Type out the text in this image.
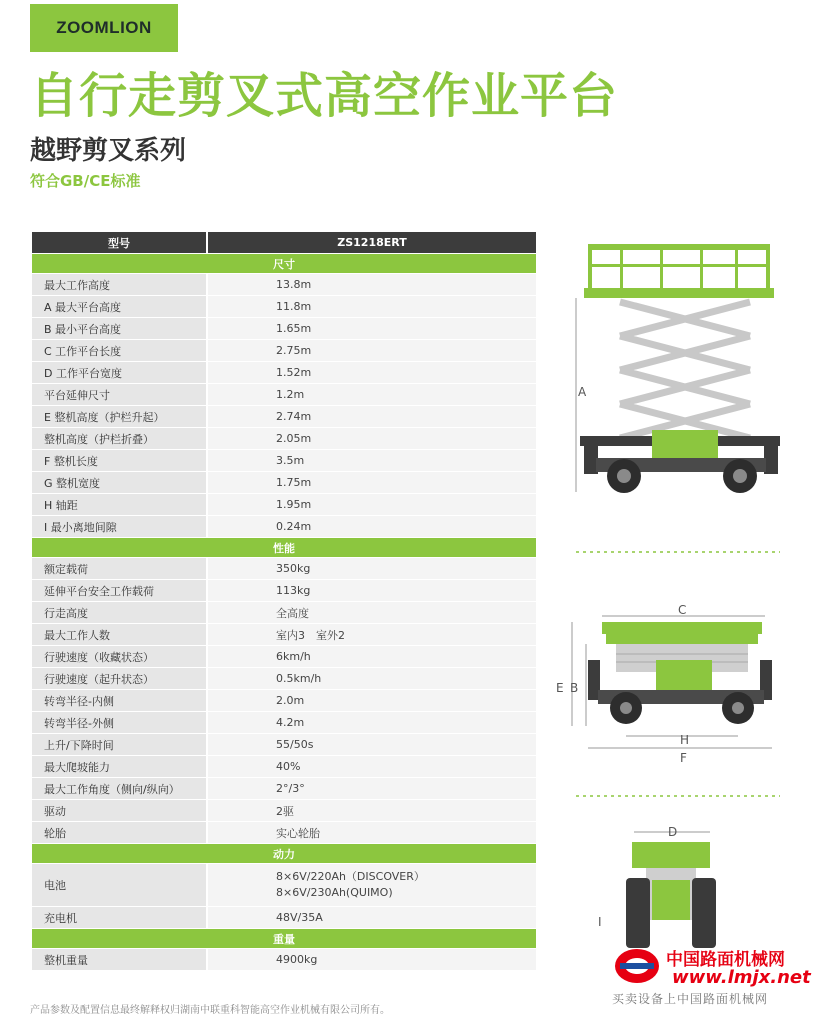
ZOOMLION
自行走剪叉式高空作业平台
越野剪叉系列
符合GB/CE标准
型号	ZS1218ERT
尺寸	
最大工作高度	13.8m
A 最大平台高度	11.8m
B 最小平台高度	1.65m
C 工作平台长度	2.75m
D 工作平台宽度	1.52m
平台延伸尺寸	1.2m
E 整机高度（护栏升起）	2.74m
整机高度（护栏折叠）	2.05m
F 整机长度	3.5m
G 整机宽度	1.75m
H 轴距	1.95m
I 最小离地间隙	0.24m
性能	
额定载荷	350kg
延伸平台安全工作载荷	113kg
行走高度	全高度
最大工作人数	室内3　室外2
行驶速度（收藏状态）	6km/h
行驶速度（起升状态）	0.5km/h
转弯半径-内侧	2.0m
转弯半径-外侧	4.2m
上升/下降时间	55/50s
最大爬坡能力	40%
最大工作角度（侧向/纵向）	2°/3°
驱动	2驱
轮胎	实心轮胎
动力	
电池	8×6V/220Ah（DISCOVER）
8×6V/230Ah(QUIMO)

充电机	48V/35A
重量	
整机重量	4900kg
A
C
E B
H
F
D
I
产品参数及配置信息最终解释权归湖南中联重科智能高空作业机械有限公司所有。
中国路面机械网
www.lmjx.net
买卖设备上中国路面机械网
